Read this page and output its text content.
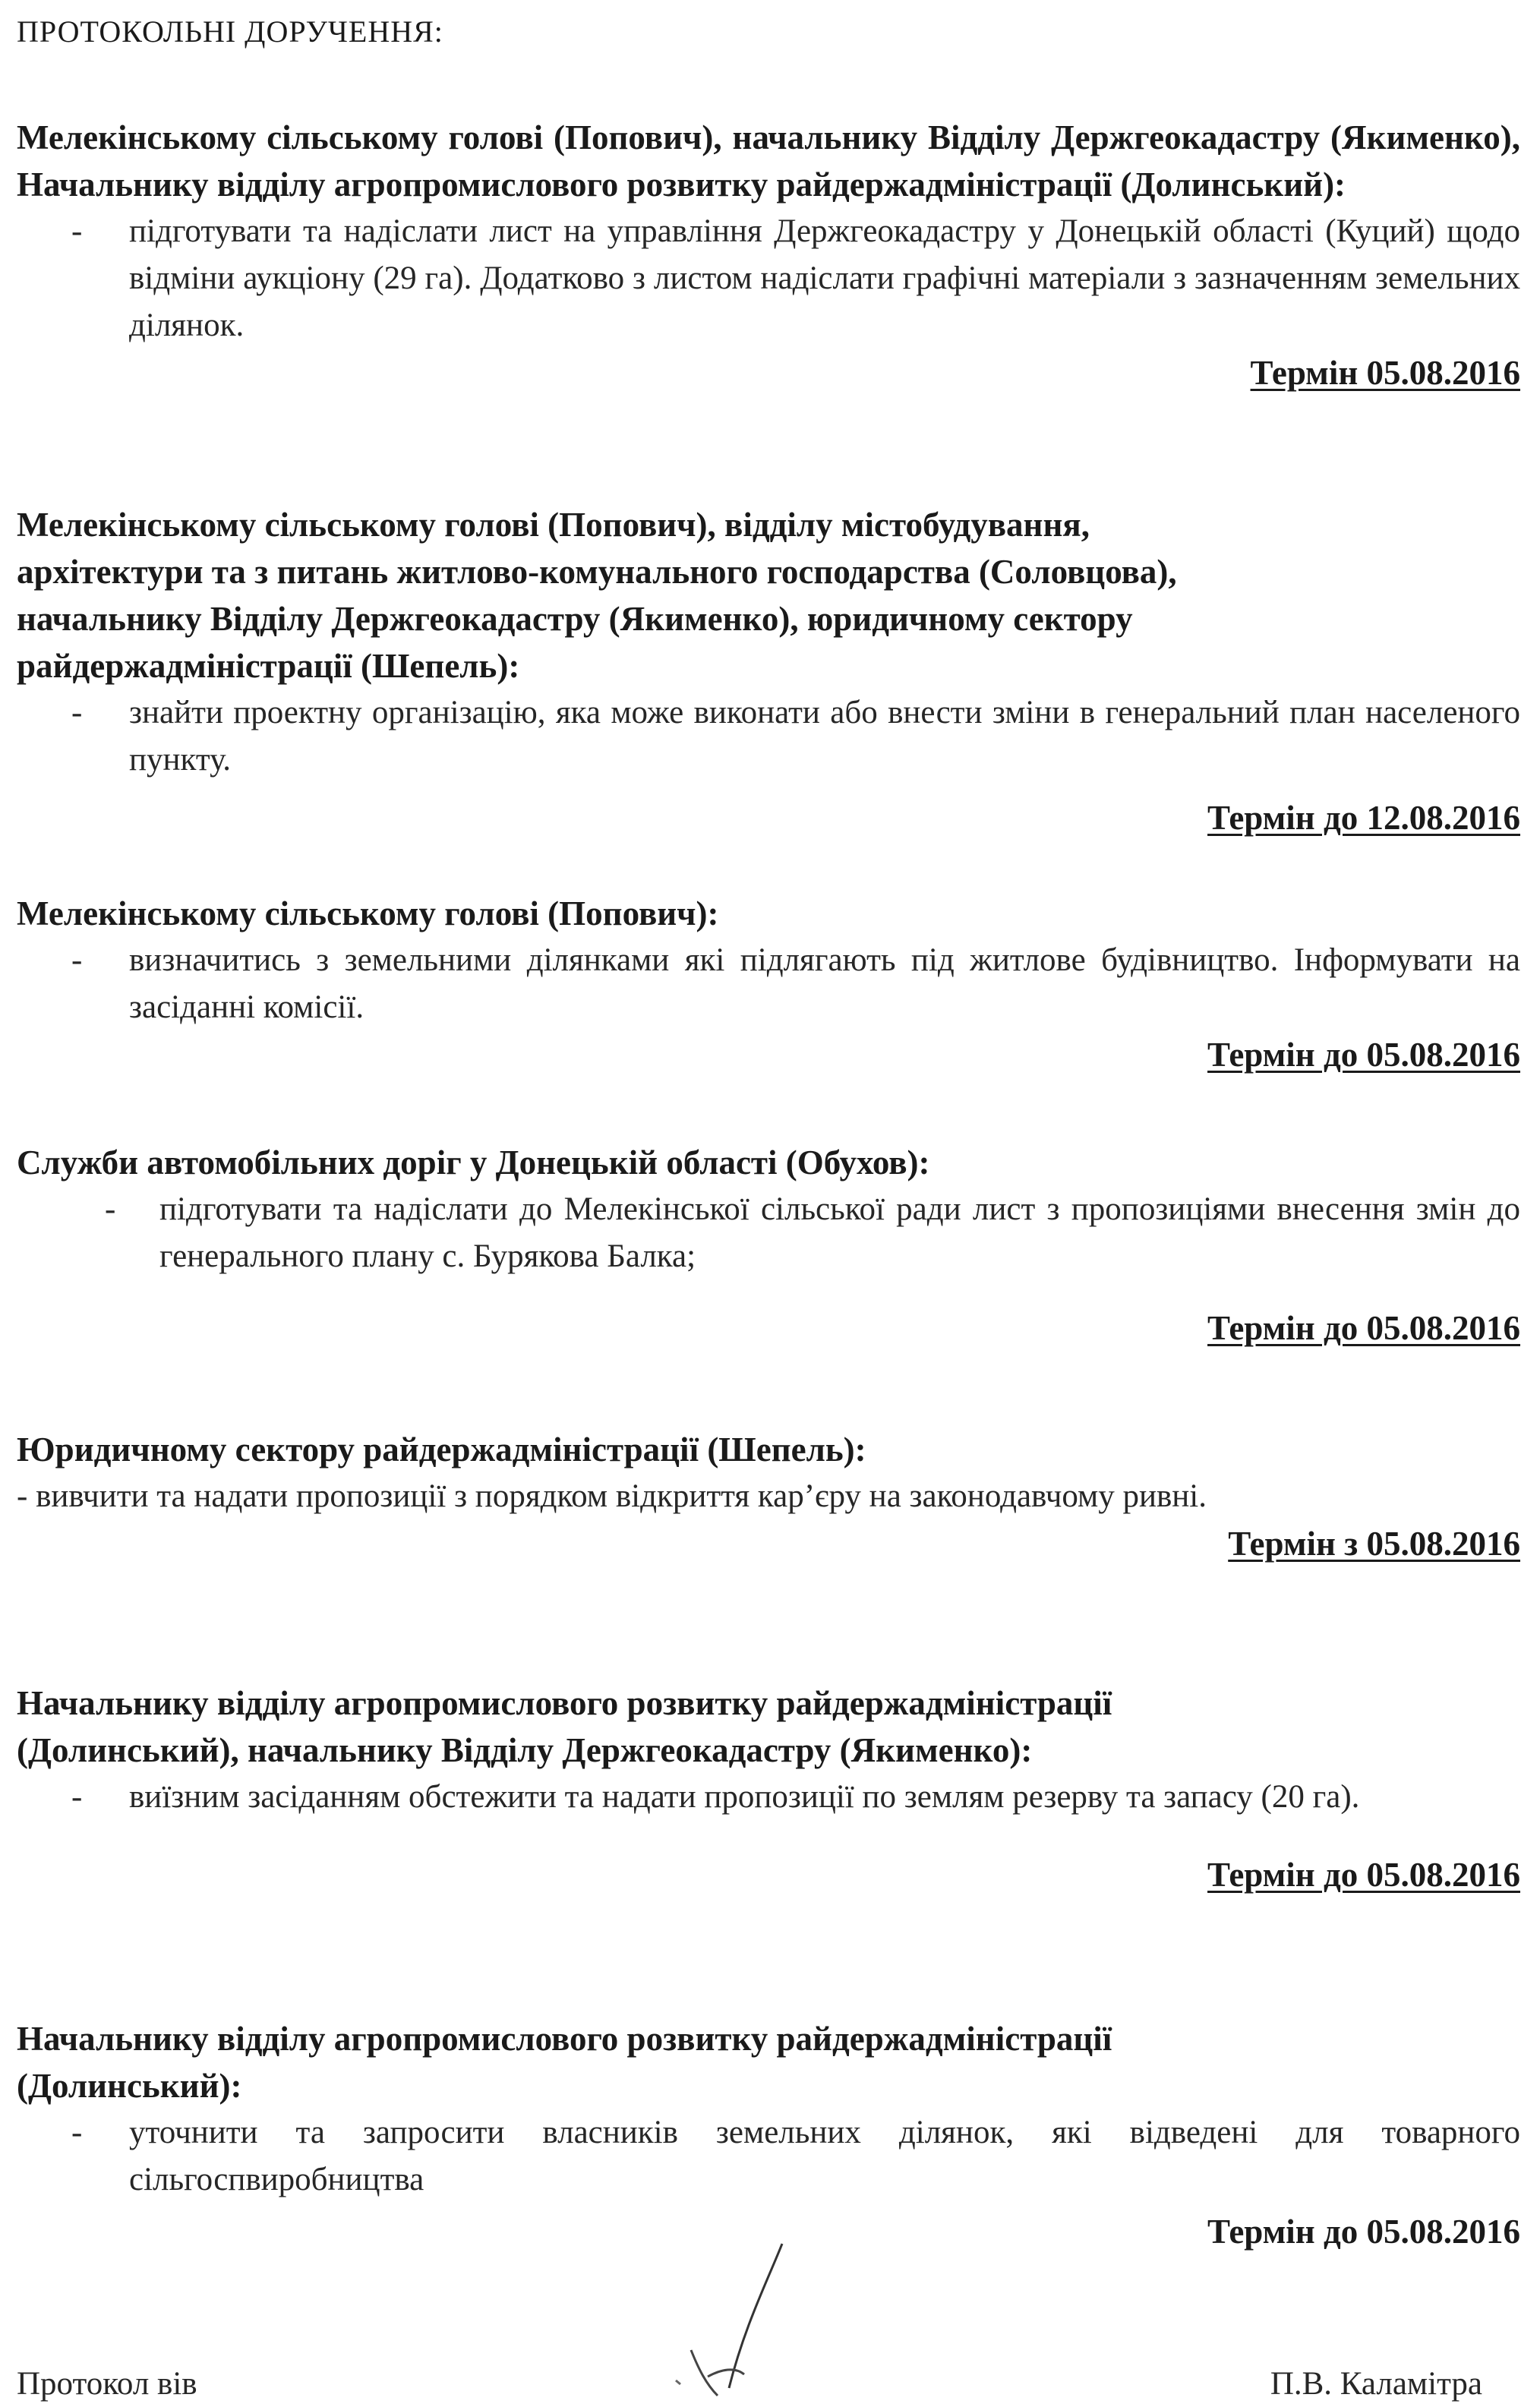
ПРОТОКОЛЬНІ ДОРУЧЕННЯ:

Мелекінському сільському голові (Попович), начальнику Відділу Держгеокадастру (Якименко), Начальнику відділу агропромислового розвитку райдержадміністрації (Долинський):

- підготувати та надіслати лист на управління Держгеокадастру у Донецькій області (Куций) щодо відміни аукціону (29 га). Додатково з листом надіслати графічні матеріали з зазначенням земельних ділянок.

Термін 05.08.2016

Мелекінському сільському голові (Попович), відділу містобудування,
архітектури та з питань житлово-комунального господарства (Соловцова),
начальнику Відділу Держгеокадастру (Якименко), юридичному сектору
райдержадміністрації (Шепель):

- знайти проектну організацію, яка може виконати або внести зміни в генеральний план населеного пункту.

Термін до 12.08.2016

Мелекінському сільському голові (Попович):

- визначитись з земельними ділянками які підлягають під житлове будівництво. Інформувати на засіданні комісії.

Термін до 05.08.2016

Служби автомобільних доріг у Донецькій області (Обухов):

- підготувати та надіслати до Мелекінської сільської ради лист з пропозиціями внесення змін до генерального плану с. Бурякова Балка;

Термін до 05.08.2016

Юридичному сектору райдержадміністрації (Шепель):

- вивчити та надати пропозиції з порядком відкриття кар’єру на законодавчому ривні.

Термін з 05.08.2016

Начальнику відділу агропромислового розвитку райдержадміністрації
(Долинський), начальнику Відділу Держгеокадастру (Якименко):

- виїзним засіданням обстежити та надати пропозиції по землям резерву та запасу (20 га).

Термін до 05.08.2016

Начальнику відділу агропромислового розвитку райдержадміністрації
(Долинський):

- уточнити та запросити власників земельних ділянок, які відведені для товарного сільгоспвиробництва

Термін до 05.08.2016

Протокол вів	П.В. Каламітра
